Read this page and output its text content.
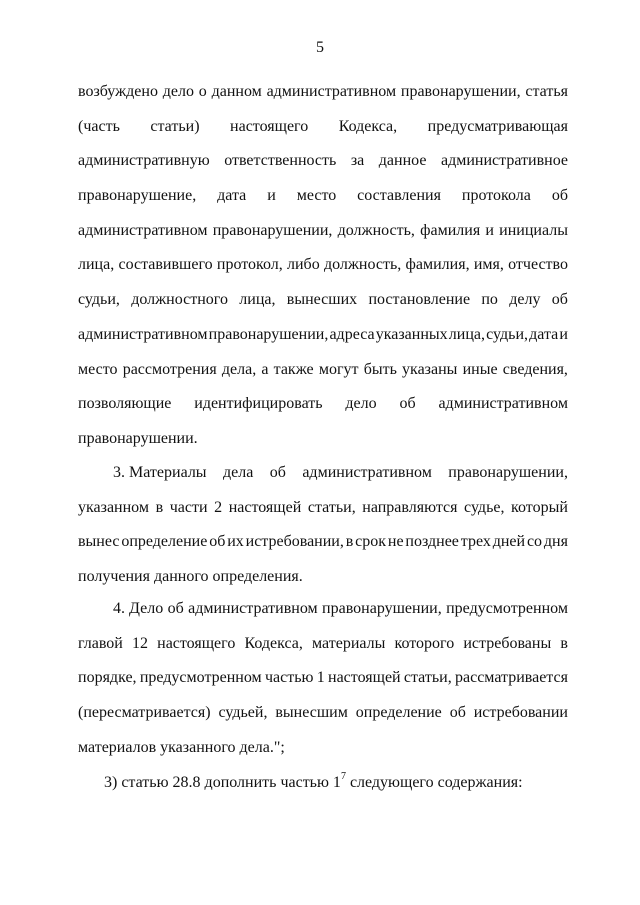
5
возбуждено дело о данном административном правонарушении, статья
(часть статьи) настоящего Кодекса, предусматривающая
административную ответственность за данное административное
правонарушение, дата и место составления протокола об
административном правонарушении, должность, фамилия и инициалы
лица, составившего протокол, либо должность, фамилия, имя, отчество
судьи, должностного лица, вынесших постановление по делу об
административном правонарушении, адреса указанных лица, судьи, дата и
место рассмотрения дела, а также могут быть указаны иные сведения,
позволяющие идентифицировать дело об административном
правонарушении.
3. Материалы дела об административном правонарушении,
указанном в части 2 настоящей статьи, направляются судье, который
вынес определение об их истребовании, в срок не позднее трех дней со дня
получения данного определения.
4. Дело об административном правонарушении, предусмотренном
главой 12 настоящего Кодекса, материалы которого истребованы в
порядке, предусмотренном частью 1 настоящей статьи, рассматривается
(пересматривается) судьей, вынесшим определение об истребовании
материалов указанного дела.";
3) статью 28.8 дополнить частью $1^7$ следующего содержания:
